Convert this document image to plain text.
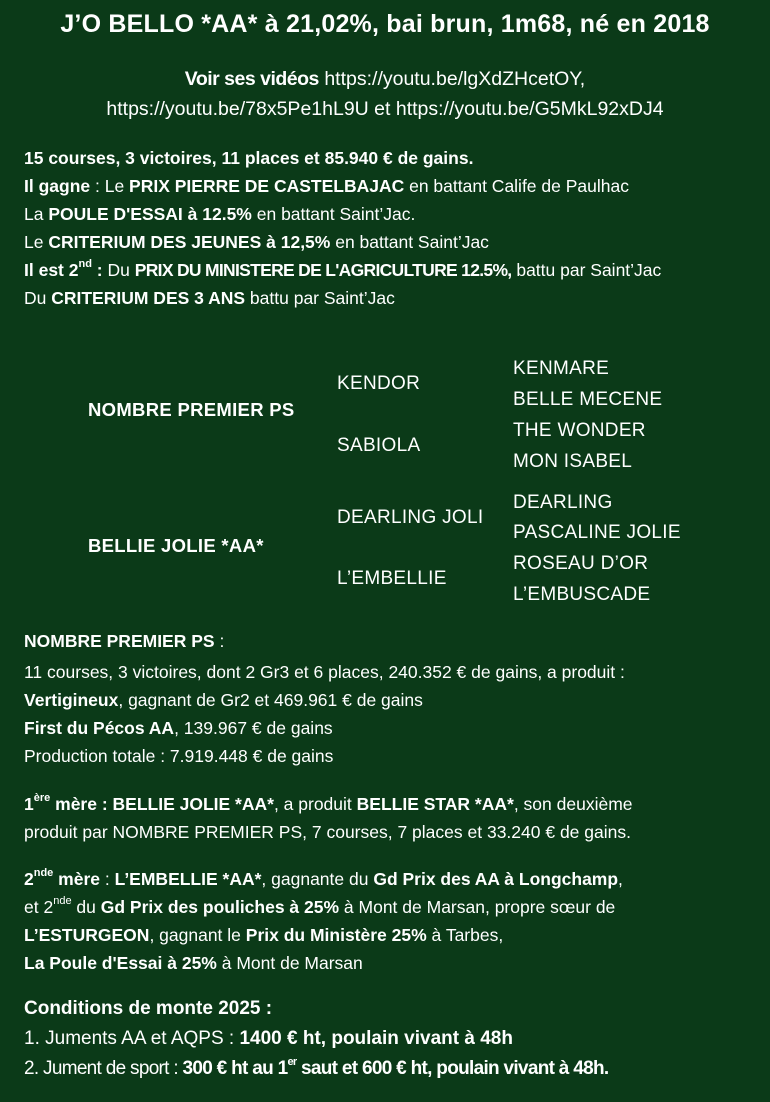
J’O BELLO *AA* à 21,02%, bai brun, 1m68, né en 2018
Voir ses vidéos https://youtu.be/lgXdZHcetOY,
https://youtu.be/78x5Pe1hL9U et https://youtu.be/G5MkL92xDJ4
15 courses, 3 victoires, 11 places et 85.940 € de gains.
Il gagne : Le PRIX PIERRE DE CASTELBAJAC en battant Calife de Paulhac
La POULE D'ESSAI à 12.5% en battant Saint’Jac.
Le CRITERIUM DES JEUNES à 12,5% en battant Saint’Jac
Il est 2nd : Du PRIX DU MINISTERE DE L'AGRICULTURE 12.5%, battu par Saint’Jac
Du CRITERIUM DES 3 ANS battu par Saint’Jac
NOMBRE PREMIER PS
BELLIE JOLIE *AA*
KENDOR
SABIOLA
DEARLING JOLI
L’EMBELLIE
KENMARE
BELLE MECENE
THE WONDER
MON ISABEL
DEARLING
PASCALINE JOLIE
ROSEAU D’OR
L’EMBUSCADE
NOMBRE PREMIER PS :
11 courses, 3 victoires, dont 2 Gr3 et 6 places, 240.352 € de gains, a produit :
Vertigineux, gagnant de Gr2 et 469.961 € de gains
First du Pécos AA, 139.967 € de gains
Production totale : 7.919.448 € de gains
1ère mère : BELLIE JOLIE *AA*, a produit BELLIE STAR *AA*, son deuxième
produit par NOMBRE PREMIER PS, 7 courses, 7 places et 33.240 € de gains.
2nde mère : L’EMBELLIE *AA*, gagnante du Gd Prix des AA à Longchamp,
et 2nde du Gd Prix des pouliches à 25% à Mont de Marsan, propre sœur de
L’ESTURGEON, gagnant le Prix du Ministère 25% à Tarbes,
La Poule d'Essai à 25% à Mont de Marsan
Conditions de monte 2025 :
1. Juments AA et AQPS : 1400 € ht, poulain vivant à 48h
2. Jument de sport : 300 € ht au 1er saut et 600 € ht, poulain vivant à 48h.
